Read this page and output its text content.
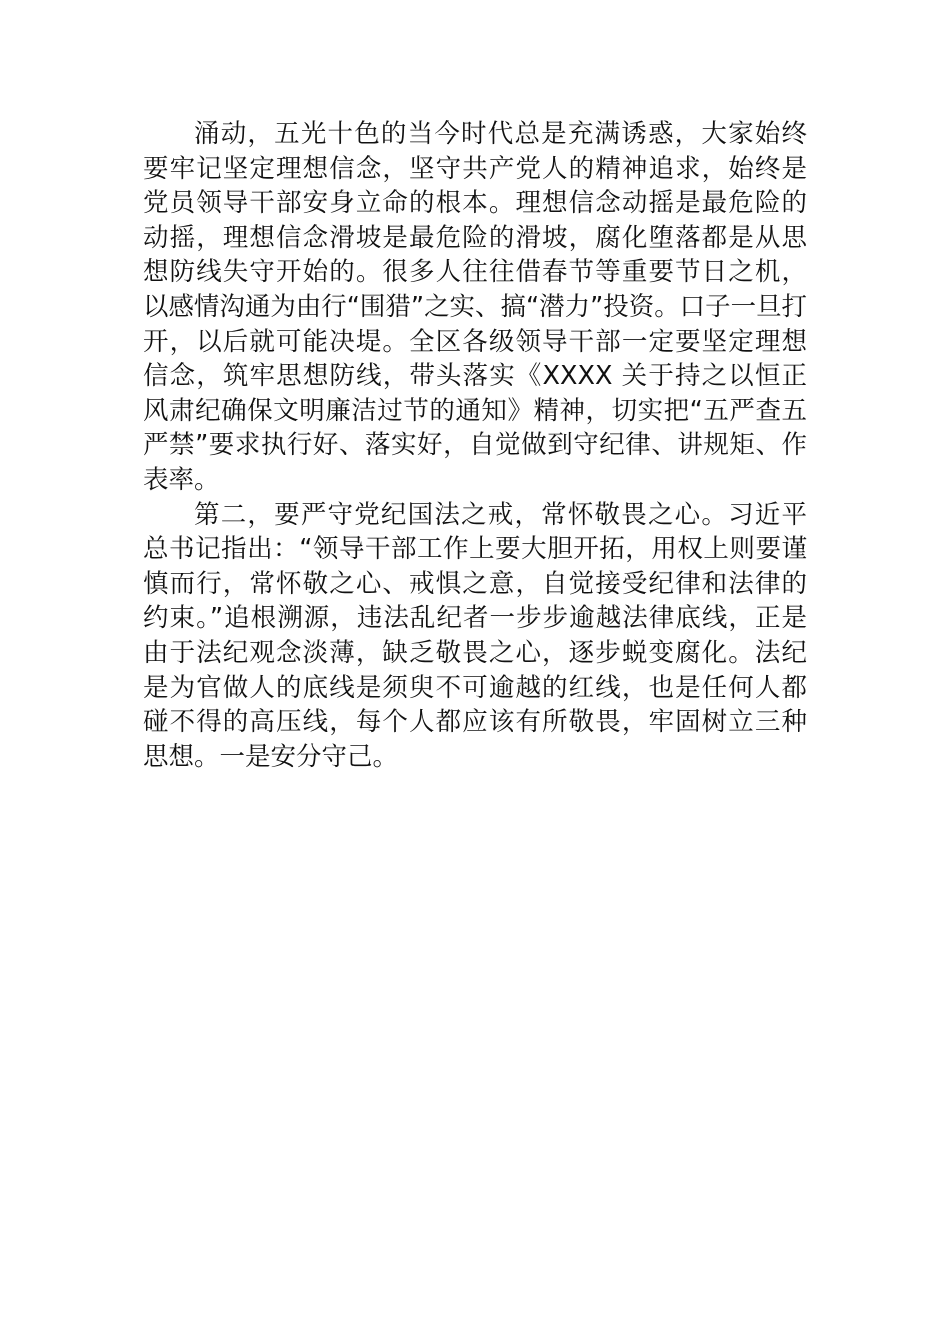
涌动，五光十色的当今时代总是充满诱惑，大家始终
要牢记坚定理想信念，坚守共产党人的精神追求，始终是
党员领导干部安身立命的根本。理想信念动摇是最危险的
动摇，理想信念滑坡是最危险的滑坡，腐化堕落都是从思
想防线失守开始的。很多人往往借春节等重要节日之机，
以感情沟通为由行“围猎”之实、搞“潜力”投资。口子一旦打
开，以后就可能决堤。全区各级领导干部一定要坚定理想
信念，筑牢思想防线，带头落实《XXXX 关于持之以恒正
风肃纪确保文明廉洁过节的通知》精神，切实把“五严查五
严禁”要求执行好、落实好，自觉做到守纪律、讲规矩、作
表率。
第二，要严守党纪国法之戒，常怀敬畏之心。习近平
总书记指出：“领导干部工作上要大胆开拓，用权上则要谨
慎而行，常怀敬之心、戒惧之意，自觉接受纪律和法律的
约束。”追根溯源，违法乱纪者一步步逾越法律底线，正是
由于法纪观念淡薄，缺乏敬畏之心，逐步蜕变腐化。法纪
是为官做人的底线是须臾不可逾越的红线，也是任何人都
碰不得的高压线，每个人都应该有所敬畏，牢固树立三种
思想。一是安分守己。
